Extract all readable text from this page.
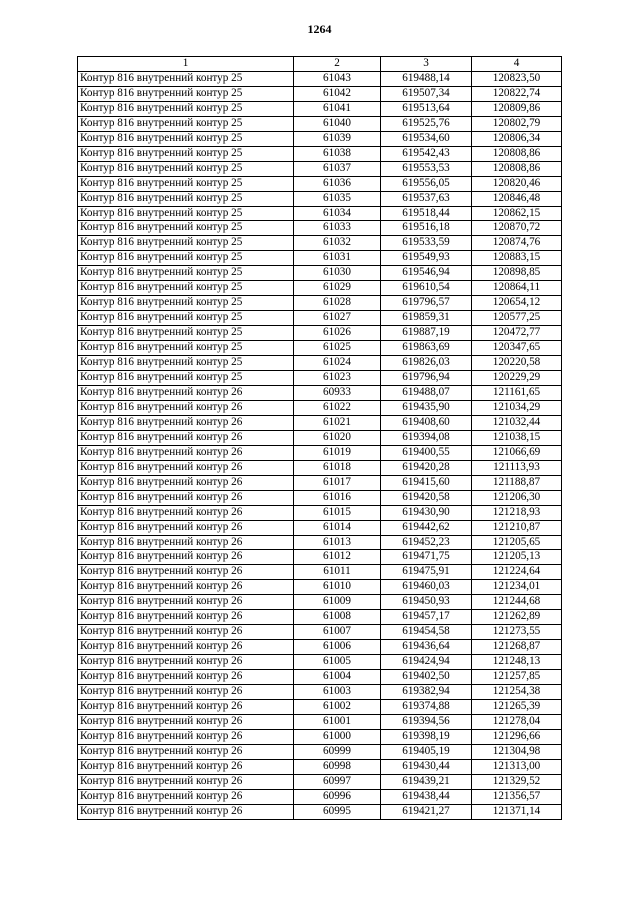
1264
1	2	3	4
Контур 816 внутренний контур 25	61043	619488,14	120823,50
Контур 816 внутренний контур 25	61042	619507,34	120822,74
Контур 816 внутренний контур 25	61041	619513,64	120809,86
Контур 816 внутренний контур 25	61040	619525,76	120802,79
Контур 816 внутренний контур 25	61039	619534,60	120806,34
Контур 816 внутренний контур 25	61038	619542,43	120808,86
Контур 816 внутренний контур 25	61037	619553,53	120808,86
Контур 816 внутренний контур 25	61036	619556,05	120820,46
Контур 816 внутренний контур 25	61035	619537,63	120846,48
Контур 816 внутренний контур 25	61034	619518,44	120862,15
Контур 816 внутренний контур 25	61033	619516,18	120870,72
Контур 816 внутренний контур 25	61032	619533,59	120874,76
Контур 816 внутренний контур 25	61031	619549,93	120883,15
Контур 816 внутренний контур 25	61030	619546,94	120898,85
Контур 816 внутренний контур 25	61029	619610,54	120864,11
Контур 816 внутренний контур 25	61028	619796,57	120654,12
Контур 816 внутренний контур 25	61027	619859,31	120577,25
Контур 816 внутренний контур 25	61026	619887,19	120472,77
Контур 816 внутренний контур 25	61025	619863,69	120347,65
Контур 816 внутренний контур 25	61024	619826,03	120220,58
Контур 816 внутренний контур 25	61023	619796,94	120229,29
Контур 816 внутренний контур 26	60933	619488,07	121161,65
Контур 816 внутренний контур 26	61022	619435,90	121034,29
Контур 816 внутренний контур 26	61021	619408,60	121032,44
Контур 816 внутренний контур 26	61020	619394,08	121038,15
Контур 816 внутренний контур 26	61019	619400,55	121066,69
Контур 816 внутренний контур 26	61018	619420,28	121113,93
Контур 816 внутренний контур 26	61017	619415,60	121188,87
Контур 816 внутренний контур 26	61016	619420,58	121206,30
Контур 816 внутренний контур 26	61015	619430,90	121218,93
Контур 816 внутренний контур 26	61014	619442,62	121210,87
Контур 816 внутренний контур 26	61013	619452,23	121205,65
Контур 816 внутренний контур 26	61012	619471,75	121205,13
Контур 816 внутренний контур 26	61011	619475,91	121224,64
Контур 816 внутренний контур 26	61010	619460,03	121234,01
Контур 816 внутренний контур 26	61009	619450,93	121244,68
Контур 816 внутренний контур 26	61008	619457,17	121262,89
Контур 816 внутренний контур 26	61007	619454,58	121273,55
Контур 816 внутренний контур 26	61006	619436,64	121268,87
Контур 816 внутренний контур 26	61005	619424,94	121248,13
Контур 816 внутренний контур 26	61004	619402,50	121257,85
Контур 816 внутренний контур 26	61003	619382,94	121254,38
Контур 816 внутренний контур 26	61002	619374,88	121265,39
Контур 816 внутренний контур 26	61001	619394,56	121278,04
Контур 816 внутренний контур 26	61000	619398,19	121296,66
Контур 816 внутренний контур 26	60999	619405,19	121304,98
Контур 816 внутренний контур 26	60998	619430,44	121313,00
Контур 816 внутренний контур 26	60997	619439,21	121329,52
Контур 816 внутренний контур 26	60996	619438,44	121356,57
Контур 816 внутренний контур 26	60995	619421,27	121371,14
